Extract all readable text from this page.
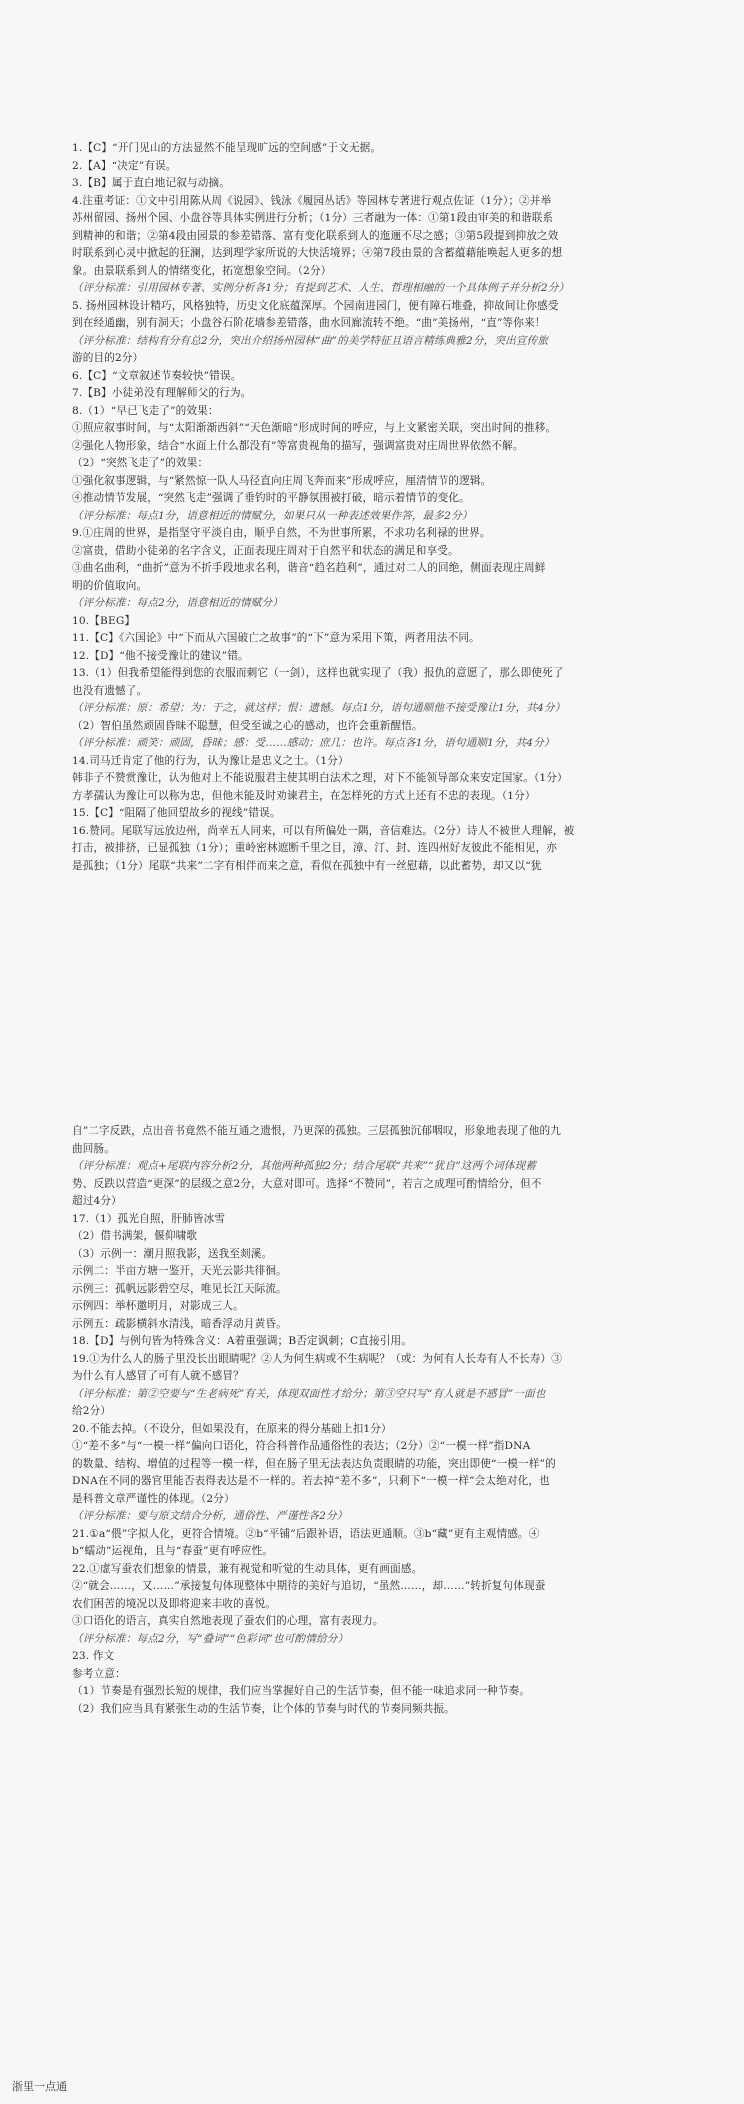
1.【C】“开门见山的方法显然不能呈现旷远的空间感”于文无据。
2.【A】“决定”有误。
3.【B】属于直白地记叙与动摘。
4.注重考证：①文中引用陈从周《说园》、钱泳《履园丛话》等园林专著进行观点佐证（1分）；②并举
苏州留园、扬州个园、小盘谷等具体实例进行分析；（1分）三者融为一体：①第1段由审美的和谐联系
到精神的和谐；②第4段由园景的参差错落、富有变化联系到人的迤逦不尽之感；③第5段提到抑放之效
时联系到心灵中掀起的狂澜，达到理学家所说的大快活境界；④第7段由景的含蓄蕴藉能唤起人更多的想
象。由景联系到人的情绪变化，拓宽想象空间。（2分）
（评分标准：引用园林专著、实例分析各1分；有提到艺术、人生、哲理相融的一个具体例子并分析2分）
5. 扬州园林设计精巧，风格独特，历史文化底蕴深厚。个园南进园门，便有障石堆叠，抑故间让你感受
到在经通幽，别有洞天；小盘谷石阶花墙参差错落，曲水回廊流转不绝。“曲”美扬州，“直”等你来！
（评分标准：结构有分有总2分，突出介绍扬州园林“曲”的美学特征且语言精练典雅2分，突出宣传旅
游的目的2分）
6.【C】“文章叙述节奏较快”错误。
7.【B】小徒弟没有理解师父的行为。
8.（1）“早已飞走了”的效果：
①照应叙事时间，与“太阳渐渐西斜”“天色渐暗”形成时间的呼应，与上文紧密关联，突出时间的推移。
②强化人物形象，结合“水面上什么都没有”等富贵视角的描写，强调富贵对庄周世界依然不解。
（2）“突然飞走了”的效果：
①强化叙事逻辑，与“紧然惊一队人马径直向庄周飞奔而来”形成呼应，厘清情节的逻辑。
④推动情节发展，“突然飞走”强调了垂钓时的平静氛围被打破，暗示着情节的变化。
（评分标准：每点1分，语意相近的情赋分，如果只从一种表述效果作答，最多2分）
9.①庄周的世界，是指坚守平淡自由，顺乎自然，不为世事所累，不求功名利禄的世界。
②富贵，借助小徒弟的名字含义，正面表现庄周对于自然平和状态的满足和享受。
③曲名曲利，“曲折”意为不折手段地求名利，谐音“趋名趋利”，通过对二人的回绝，侧面表现庄周鲜
明的价值取向。
（评分标准：每点2分，语意相近的情赋分）
10.【BEG】
11.【C】《六国论》中“下而从六国破亡之故事”的“下”意为采用下策，两者用法不同。
12.【D】“他不接受豫让的建议”错。
13.（1）但我希望能得到您的衣服而刺它（一剑），这样也就实现了（我）报仇的意愿了，那么即使死了
也没有遗憾了。
（评分标准：原：希望；为：于之，就这样；恨：遗憾。每点1分，语句通顺他不接受豫让1分，共4分）
（2）智伯虽然顽固昏昧不聪慧，但受至诚之心的感动，也许会重新醒悟。
（评分标准：顽笑：顽固，昏昧；感：受……感动；庶几：也许。每点各1分，语句通顺1分，共4分）
14.司马迁肯定了他的行为，认为豫让是忠义之士。（1分）
韩非子不赞赏豫让，认为他对上不能说服君主使其明白法术之理，对下不能领导部众来安定国家。（1分）
方孝孺认为豫让可以称为忠，但他未能及时劝谏君主，在怎样死的方式上还有不忠的表现。（1分）
15.【C】“阻隔了他回望故乡的视线”错误。
16.赞同。尾联写远放边州，尚幸五人同来，可以有所偏处一隅，音信难达。（2分）诗人不被世人理解，被
打击，被排挤，已显孤独（1分）；重岭密林遮断千里之目，漳、汀、封、连四州好友彼此不能相见，亦
是孤独；（1分）尾联“共来”二字有相伴而来之意，看似在孤独中有一丝慰藉，以此蓄势，却又以“犹
自”二字反跌，点出音书竟然不能互通之遗恨，乃更深的孤独。三层孤独沉郁咽叹，形象地表现了他的九
曲回肠。
（评分标准：观点+尾联内容分析2分，其他两种孤独2分；结合尾联“共来”“犹自”这两个词体现蓄
势、反跌以营造“更深”的层级之意2分，大意对即可。选择“不赞同”，若言之成理可酌情给分，但不
超过4分）
17.（1）孤光自照，肝肺皆冰雪
（2）借书满架，偃仰啸歌
（3）示例一：潮月照我影，送我至剡溪。
示例二：半亩方塘一鉴开，天光云影共徘徊。
示例三：孤帆远影碧空尽，唯见长江天际流。
示例四：举杯邀明月，对影成三人。
示例五：疏影横斜水清浅，暗香浮动月黄昏。
18.【D】与例句皆为特殊含义：A着重强调；B否定讽刺；C直接引用。
19.①为什么人的肠子里没长出眼睛呢？②人为何生病或不生病呢？（或：为何有人长寿有人不长寿）③
为什么有人感冒了可有人就不感冒？
（评分标准：第②空要与“生老病死”有关，体现双面性才给分；第③空只写“有人就是不感冒”一面也
给2分）
20.不能去掉。（不设分，但如果没有，在原来的得分基础上扣1分）
①“差不多”与“一模一样”偏向口语化，符合科普作品通俗性的表达；（2分）②“一模一样”指DNA
的数量、结构、增值的过程等一模一样，但在肠子里无法表达负责眼睛的功能，突出即使“一模一样”的
DNA在不同的器官里能否表得表达是不一样的。若去掉“差不多”，只剩下“一模一样”会太绝对化，也
是科普文章严谨性的体现。（2分）
（评分标准：要与原文结合分析，通俗性、严谨性各2分）
21.①a“偎”字拟人化，更符合情境。②b“平铺”后跟补语，语法更通顺。③b“藏”更有主观情感。④
b“蠕动”运视角，且与“春蚕”更有呼应性。
22.①虚写蚕农们想象的情景，兼有视觉和听觉的生动具体，更有画面感。
②“就会……，又……”承接复句体现整体中期待的美好与追切，“虽然……，却……”转折复句体现蚕
农们困苦的境况以及即将迎来丰收的喜悦。
③口语化的语言，真实自然地表现了蚕农们的心理，富有表现力。
（评分标准：每点2分，写“叠词”“色彩词”也可酌情给分）
23. 作文
参考立意：
（1）节奏是有强烈长短的规律，我们应当掌握好自己的生活节奏，但不能一味追求同一种节奏。
（2）我们应当具有紧张生动的生活节奏，让个体的节奏与时代的节奏同频共振。
浙里一点通
